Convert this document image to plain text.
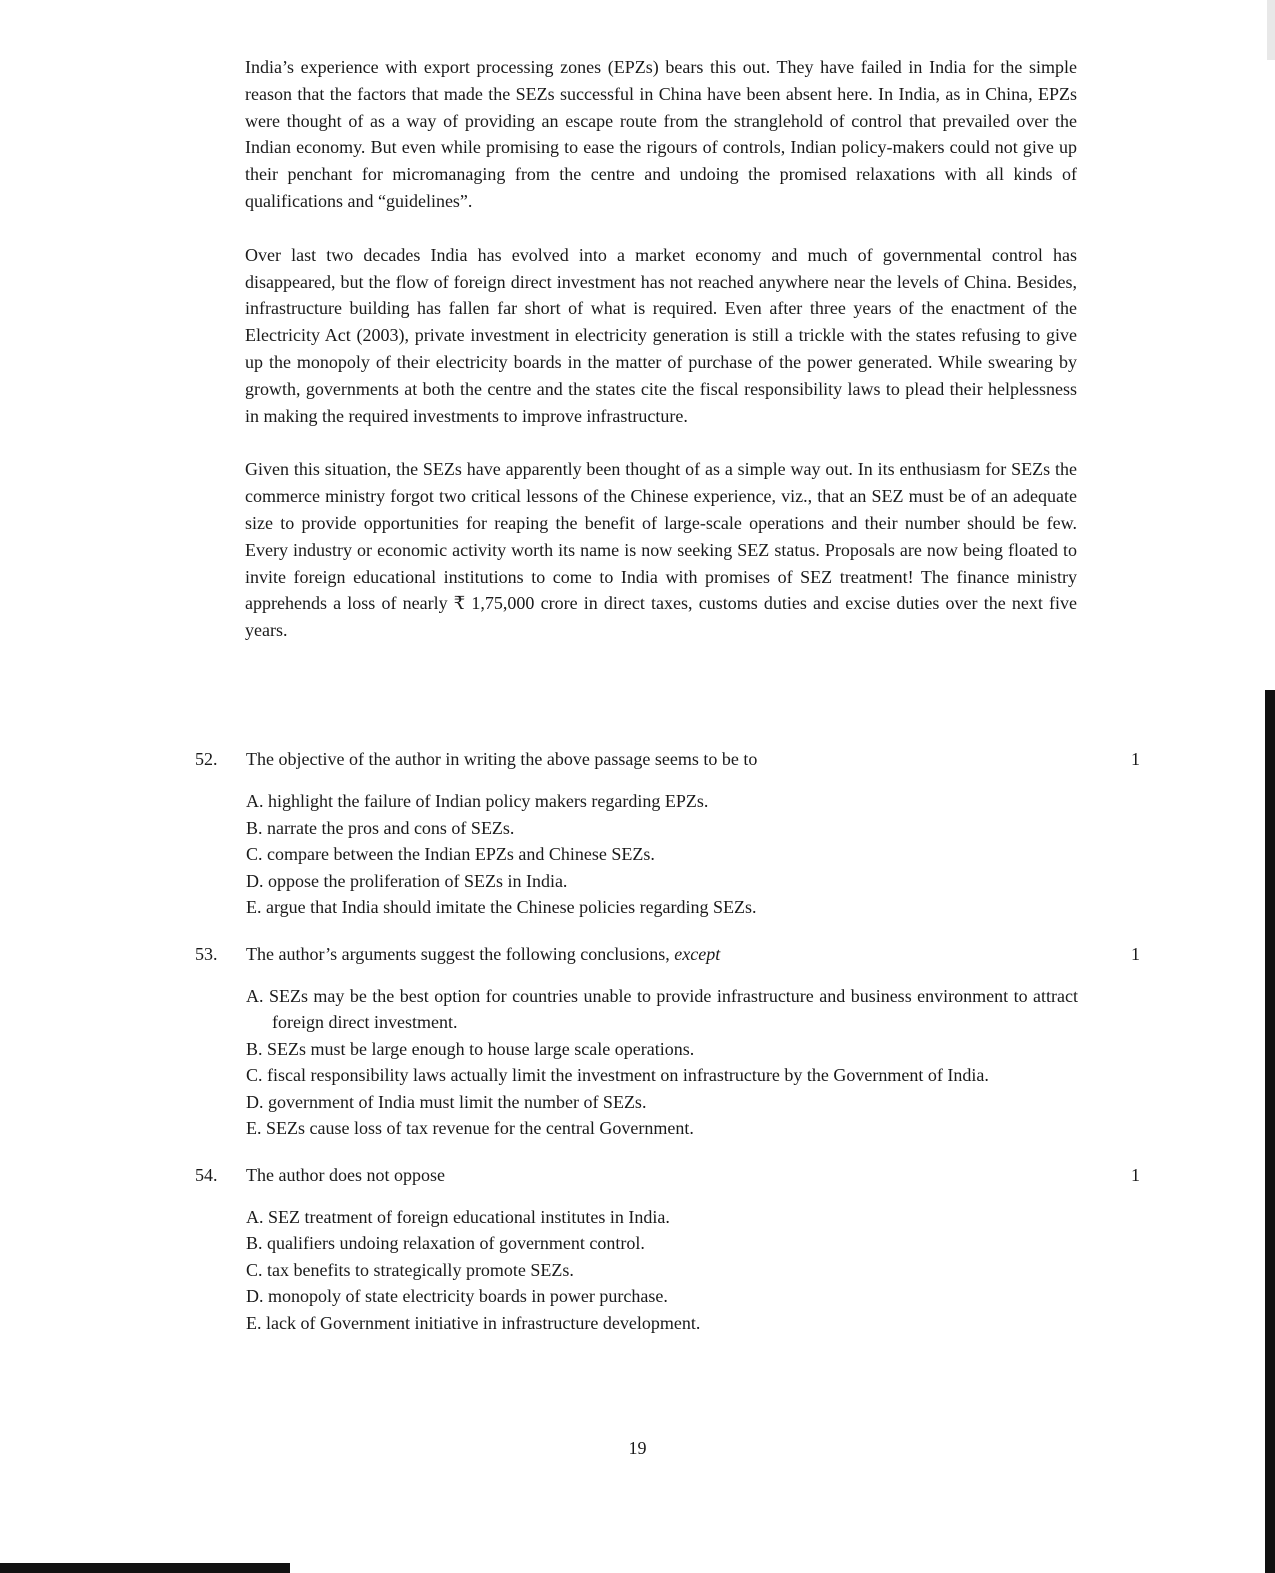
India’s experience with export processing zones (EPZs) bears this out. They have failed in India for the simple reason that the factors that made the SEZs successful in China have been absent here. In India, as in China, EPZs were thought of as a way of providing an escape route from the stranglehold of control that prevailed over the Indian economy. But even while promising to ease the rigours of controls, Indian policy-makers could not give up their penchant for micromanaging from the centre and undoing the promised relaxations with all kinds of qualifications and “guidelines”.

Over last two decades India has evolved into a market economy and much of governmental control has disappeared, but the flow of foreign direct investment has not reached anywhere near the levels of China. Besides, infrastructure building has fallen far short of what is required. Even after three years of the enactment of the Electricity Act (2003), private investment in electricity generation is still a trickle with the states refusing to give up the monopoly of their electricity boards in the matter of purchase of the power generated. While swearing by growth, governments at both the centre and the states cite the fiscal responsibility laws to plead their helplessness in making the required investments to improve infrastructure.

Given this situation, the SEZs have apparently been thought of as a simple way out. In its enthusiasm for SEZs the commerce ministry forgot two critical lessons of the Chinese experience, viz., that an SEZ must be of an adequate size to provide opportunities for reaping the benefit of large-scale operations and their number should be few. Every industry or economic activity worth its name is now seeking SEZ status. Proposals are now being floated to invite foreign educational institutions to come to India with promises of SEZ treatment! The finance ministry apprehends a loss of nearly ₹ 1,75,000 crore in direct taxes, customs duties and excise duties over the next five years.

52. The objective of the author in writing the above passage seems to be to	1
A. highlight the failure of Indian policy makers regarding EPZs.
B. narrate the pros and cons of SEZs.
C. compare between the Indian EPZs and Chinese SEZs.
D. oppose the proliferation of SEZs in India.
E. argue that India should imitate the Chinese policies regarding SEZs.
53. The author’s arguments suggest the following conclusions, except	1
A. SEZs may be the best option for countries unable to provide infrastructure and business environment to attract foreign direct investment.
B. SEZs must be large enough to house large scale operations.
C. fiscal responsibility laws actually limit the investment on infrastructure by the Government of India.
D. government of India must limit the number of SEZs.
E. SEZs cause loss of tax revenue for the central Government.
54. The author does not oppose	1
A. SEZ treatment of foreign educational institutes in India.
B. qualifiers undoing relaxation of government control.
C. tax benefits to strategically promote SEZs.
D. monopoly of state electricity boards in power purchase.
E. lack of Government initiative in infrastructure development.
19
